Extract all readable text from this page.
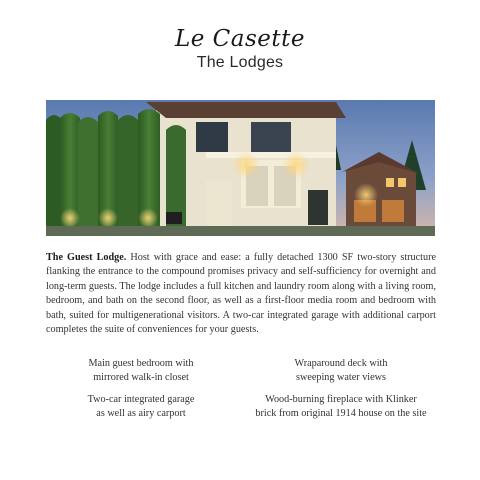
Le Casette
The Lodges
The Guest Lodge. Host with grace and ease: a fully detached 1300 SF two-story structure flanking the entrance to the compound promises privacy and self-sufficiency for overnight and long-term guests. The lodge includes a full kitchen and laundry room along with a living room, bedroom, and bath on the second floor, as well as a first-floor media room and bedroom with bath, suited for multigenerational visitors. A two-car integrated garage with additional carport completes the suite of conveniences for your guests.
Main guest bedroom with
mirrored walk-in closet
Wraparound deck with
sweeping water views
Two-car integrated garage
as well as airy carport
Wood-burning fireplace with Klinker
brick from original 1914 house on the site
